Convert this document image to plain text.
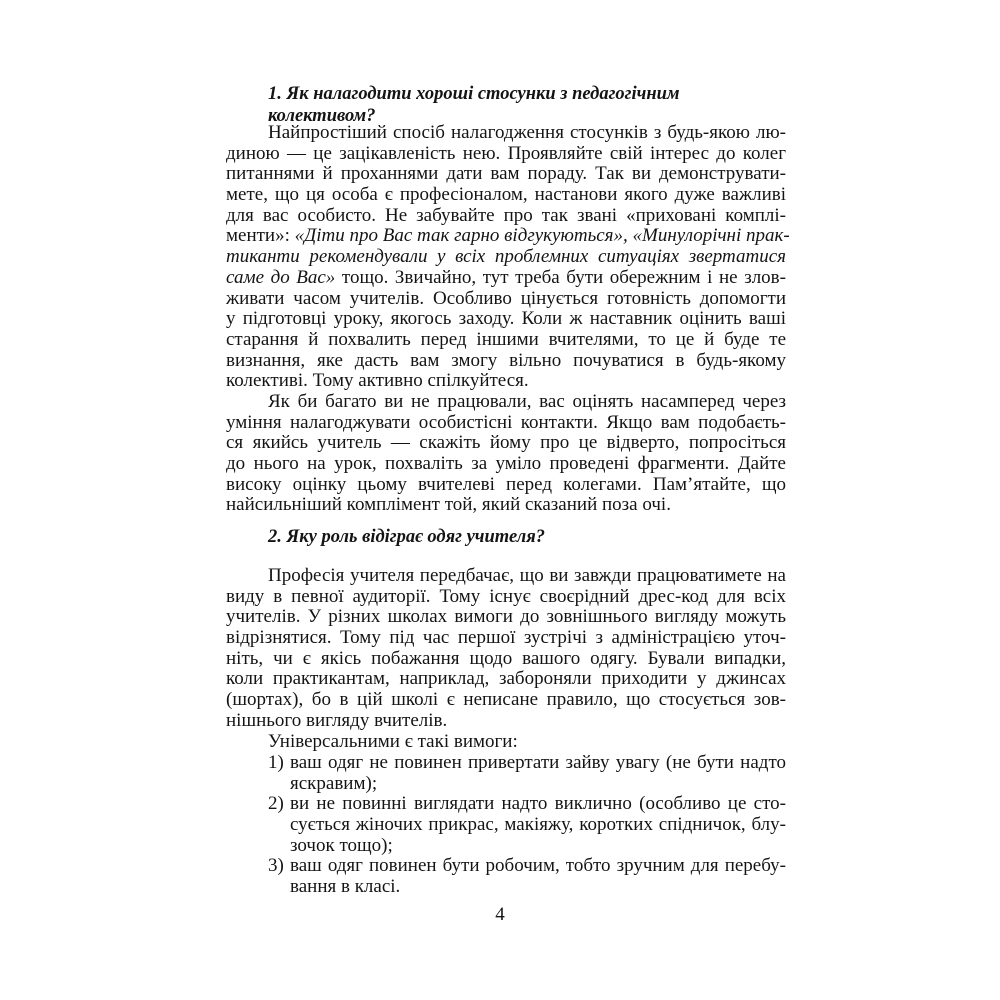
1. Як налагодити хороші стосунки з педагогічним колективом?
Найпростіший спосіб налагодження стосунків з будь-якою лю-
диною — це зацікавленість нею. Проявляйте свій інтерес до колег
питаннями й проханнями дати вам пораду. Так ви демонструвати-
мете, що ця особа є професіоналом, настанови якого дуже важливі
для вас особисто. Не забувайте про так звані «приховані комплі-
менти»: «Діти про Вас так гарно відгукуються», «Минулорічні прак-
тиканти рекомендували у всіх проблемних ситуаціях звертатися
саме до Вас» тощо. Звичайно, тут треба бути обережним і не злов-
живати часом учителів. Особливо цінується готовність допомогти
у підготовці уроку, якогось заходу. Коли ж наставник оцінить ваші
старання й похвалить перед іншими вчителями, то це й буде те
визнання, яке дасть вам змогу вільно почуватися в будь-якому
колективі. Тому активно спілкуйтеся.
Як би багато ви не працювали, вас оцінять насамперед через
уміння налагоджувати особистісні контакти. Якщо вам подобаєть-
ся якийсь учитель — скажіть йому про це відверто, попросіться
до нього на урок, похваліть за уміло проведені фрагменти. Дайте
високу оцінку цьому вчителеві перед колегами. Пам’ятайте, що
найсильніший комплімент той, який сказаний поза очі.
2. Яку роль відіграє одяг учителя?
Професія учителя передбачає, що ви завжди працюватимете на
виду в певної аудиторії. Тому існує своєрідний дрес-код для всіх
учителів. У різних школах вимоги до зовнішнього вигляду можуть
відрізнятися. Тому під час першої зустрічі з адміністрацією уточ-
ніть, чи є якісь побажання щодо вашого одягу. Бували випадки,
коли практикантам, наприклад, забороняли приходити у джинсах
(шортах), бо в цій школі є неписане правило, що стосується зов-
нішнього вигляду вчителів.
Універсальними є такі вимоги:
1) ваш одяг не повинен привертати зайву увагу (не бути надто
яскравим);
2) ви не повинні виглядати надто виклично (особливо це сто-
сується жіночих прикрас, макіяжу, коротких спідничок, блу-
зочок тощо);
3) ваш одяг повинен бути робочим, тобто зручним для перебу-
вання в класі.
4
